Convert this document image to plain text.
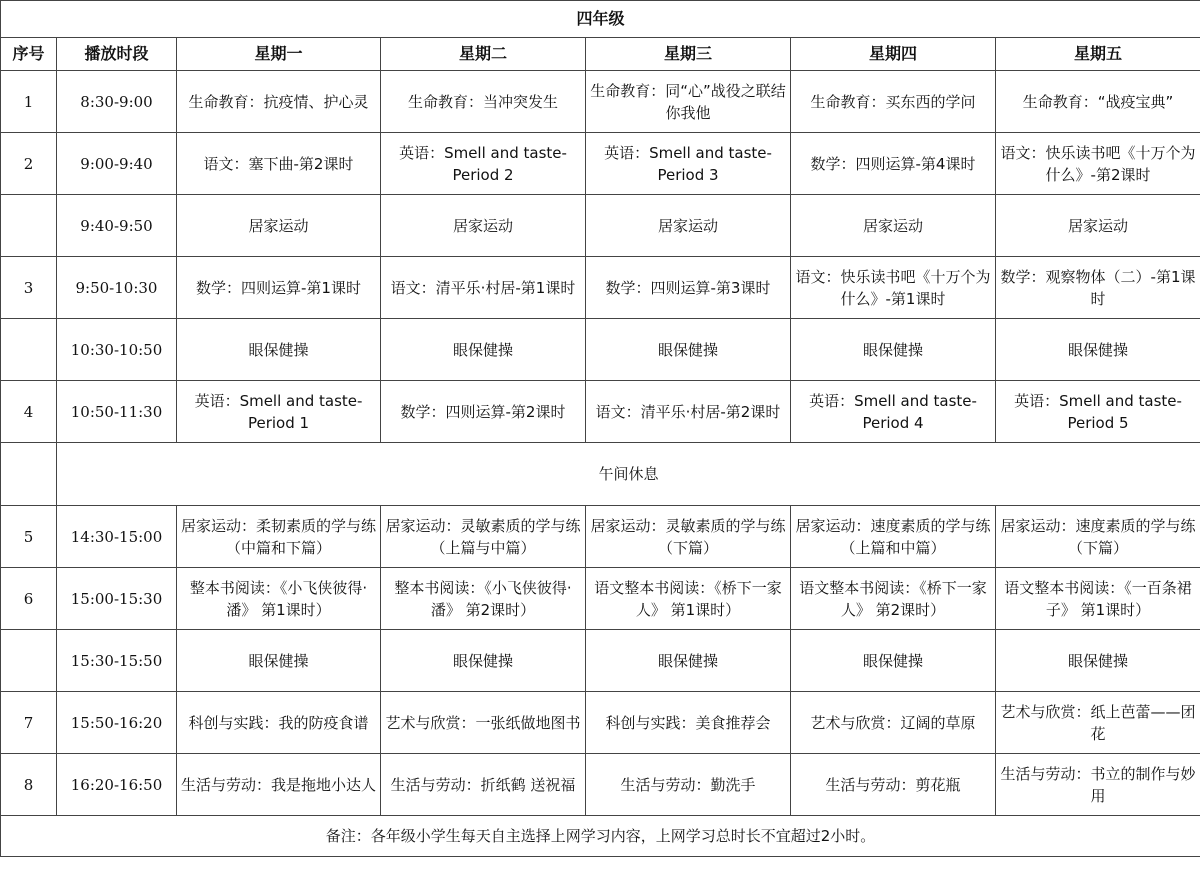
四年级						
序号	播放时段	星期一	星期二	星期三	星期四	星期五
1	8:30-9:00	生命教育：抗疫情、护心灵	生命教育：当冲突发生	生命教育：同“心”战役之联结你我他	生命教育：买东西的学问	生命教育：“战疫宝典”
2	9:00-9:40	语文：塞下曲-第2课时	英语：Smell and taste-Period 2	英语：Smell and taste-Period 3	数学：四则运算-第4课时	语文：快乐读书吧《十万个为什么》-第2课时
	9:40-9:50	居家运动	居家运动	居家运动	居家运动	居家运动
3	9:50-10:30	数学：四则运算-第1课时	语文：清平乐·村居-第1课时	数学：四则运算-第3课时	语文：快乐读书吧《十万个为什么》-第1课时	数学：观察物体（二）-第1课时
	10:30-10:50	眼保健操	眼保健操	眼保健操	眼保健操	眼保健操
4	10:50-11:30	英语：Smell and taste-Period 1	数学：四则运算-第2课时	语文：清平乐·村居-第2课时	英语：Smell and taste-Period 4	英语：Smell and taste-Period 5
	午间休息					
5	14:30-15:00	居家运动：柔韧素质的学与练（中篇和下篇）	居家运动：灵敏素质的学与练（上篇与中篇）	居家运动：灵敏素质的学与练（下篇）	居家运动：速度素质的学与练（上篇和中篇）	居家运动：速度素质的学与练（下篇）
6	15:00-15:30	整本书阅读：《小飞侠彼得·潘》 第1课时）	整本书阅读：《小飞侠彼得·潘》 第2课时）	语文整本书阅读：《桥下一家人》 第1课时）	语文整本书阅读：《桥下一家人》 第2课时）	语文整本书阅读：《一百条裙子》 第1课时）
	15:30-15:50	眼保健操	眼保健操	眼保健操	眼保健操	眼保健操
7	15:50-16:20	科创与实践：我的防疫食谱	艺术与欣赏：一张纸做地图书	科创与实践：美食推荐会	艺术与欣赏：辽阔的草原	艺术与欣赏：纸上芭蕾——团花
8	16:20-16:50	生活与劳动：我是拖地小达人	生活与劳动：折纸鹤 送祝福	生活与劳动：勤洗手	生活与劳动：剪花瓶	生活与劳动：书立的制作与妙用
备注：各年级小学生每天自主选择上网学习内容，上网学习总时长不宜超过2小时。						
